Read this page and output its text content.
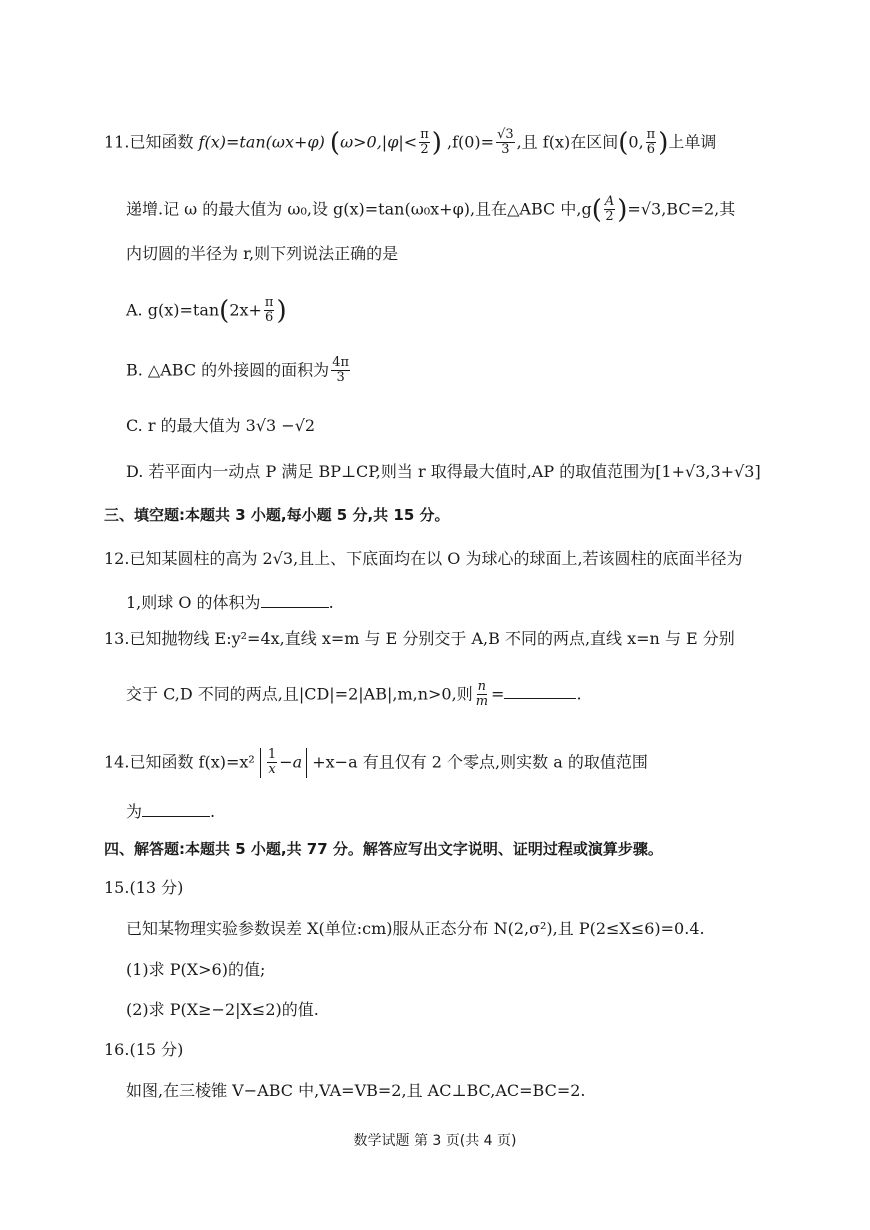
11.已知函数 f(x)=tan(ωx+φ) ($\omega>0,|\varphi|< \frac{\pi}{2}$ ) $,f(0)= \frac{√3}{3}$ ,且 f(x)在区间(0, $\frac{\pi}{6}$ )上单调
递增.记 ω 的最大值为 ω₀,设 g(x)=tan(ω₀x+φ),且在△ABC 中$,g( \frac{A}{2} )=√3,BC=2$,其
内切圆的半径为 r,则下列说法正确的是
A. $g(x)=\tan(2x+ \frac{\pi}{6}$ )
B. △ABC 的外接圆的面积为 $\frac{4\pi}{3}$
C. r 的最大值为 3√3 −√2
D. 若平面内一动点 P 满足 BP⊥CP,则当 r 取得最大值时,AP 的取值范围为[1+√3,3+√3]
三、填空题:本题共 3 小题,每小题 5 分,共 15 分。
12.已知某圆柱的高为 2√3,且上、下底面均在以 O 为球心的球面上,若该圆柱的底面半径为
1,则球 O 的体积为	.
13.已知抛物线 E:y²=4x,直线 x=m 与 E 分别交于 A,B 不同的两点,直线 x=n 与 E 分别
交于 C,D 不同的两点,且|CD|=2|AB|,m,n>0,则 $\frac{n}{m}$ =	.
14.已知函数 $f(x)=x^2 \frac{1}{x} -a +x-a$ 有且仅有 2 个零点,则实数 a 的取值范围
为	.
四、解答题:本题共 5 小题,共 77 分。解答应写出文字说明、证明过程或演算步骤。
15.(13 分)
已知某物理实验参数误差 X(单位:cm)服从正态分布 N(2,σ²),且 P(2≤X≤6)=0.4.
(1)求 P(X>6)的值;
(2)求 P(X≥−2|X≤2)的值.
16.(15 分)
如图,在三棱锥 V−ABC 中,VA=VB=2,且 AC⊥BC,AC=BC=2.
数学试题 第 3 页(共 4 页)
